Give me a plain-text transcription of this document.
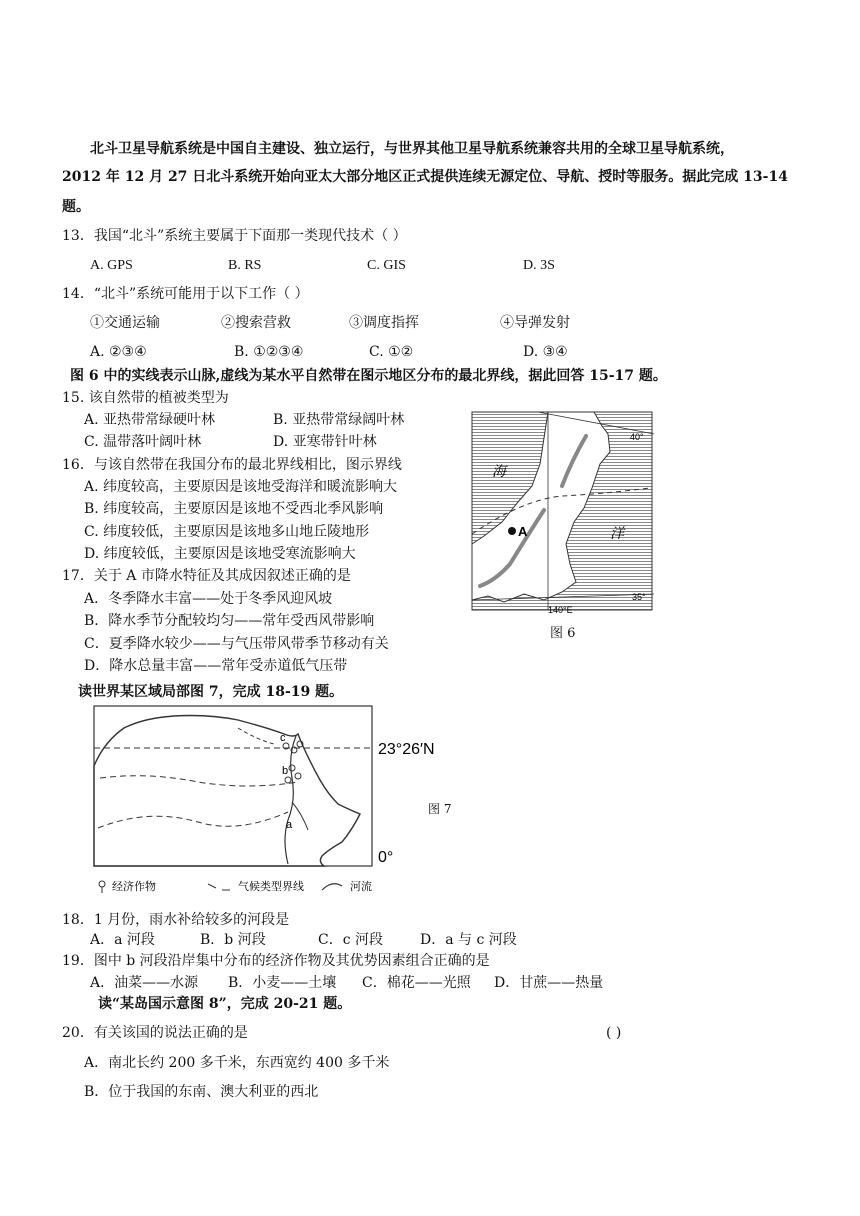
北斗卫星导航系统是中国自主建设、独立运行，与世界其他卫星导航系统兼容共用的全球卫星导航系统，
2012 年 12 月 27 日北斗系统开始向亚太大部分地区正式提供连续无源定位、导航、授时等服务。据此完成 13-14
题。
13．我国“北斗”系统主要属于下面那一类现代技术（ ）
A. GPS	B. RS	C. GIS	D. 3S
14．“北斗”系统可能用于以下工作（ ）
①交通运输	②搜索营救	③调度指挥	④导弹发射
A. ②③④	B. ①②③④	C. ①②	D. ③④
图 6 中的实线表示山脉,虚线为某水平自然带在图示地区分布的最北界线，据此回答 15-17 题。
15. 该自然带的植被类型为
A. 亚热带常绿硬叶林	B. 亚热带常绿阔叶林
C. 温带落叶阔叶林	D. 亚寒带针叶林
16．与该自然带在我国分布的最北界线相比，图示界线
A. 纬度较高，主要原因是该地受海洋和暖流影响大
B. 纬度较高，主要原因是该地不受西北季风影响
C. 纬度较低，主要原因是该地多山地丘陵地形
D. 纬度较低，主要原因是该地受寒流影响大
17．关于 A 市降水特征及其成因叙述正确的是
A．冬季降水丰富——处于冬季风迎风坡
B．降水季节分配较均匀——常年受西风带影响
C．夏季降水较少——与气压带风带季节移动有关
D．降水总量丰富——常年受赤道低气压带
A
海
洋
40°
35°
140°E
图 6
读世界某区域局部图 7，完成 18-19 题。
c
b
a
23°26′N
0°
经济作物	气候类型界线	河流
图 7
18．1 月份，雨水补给较多的河段是
A．a 河段	B．b 河段	C．c 河段	D．a 与 c 河段
19．图中 b 河段沿岸集中分布的经济作物及其优势因素组合正确的是
A．油菜——水源 B．小麦——土壤 C．棉花——光照 D．甘蔗——热量
读“某岛国示意图 8”，完成 20-21 题。
20．有关该国的说法正确的是	( )
A．南北长约 200 多千米，东西宽约 400 多千米
B．位于我国的东南、澳大利亚的西北
